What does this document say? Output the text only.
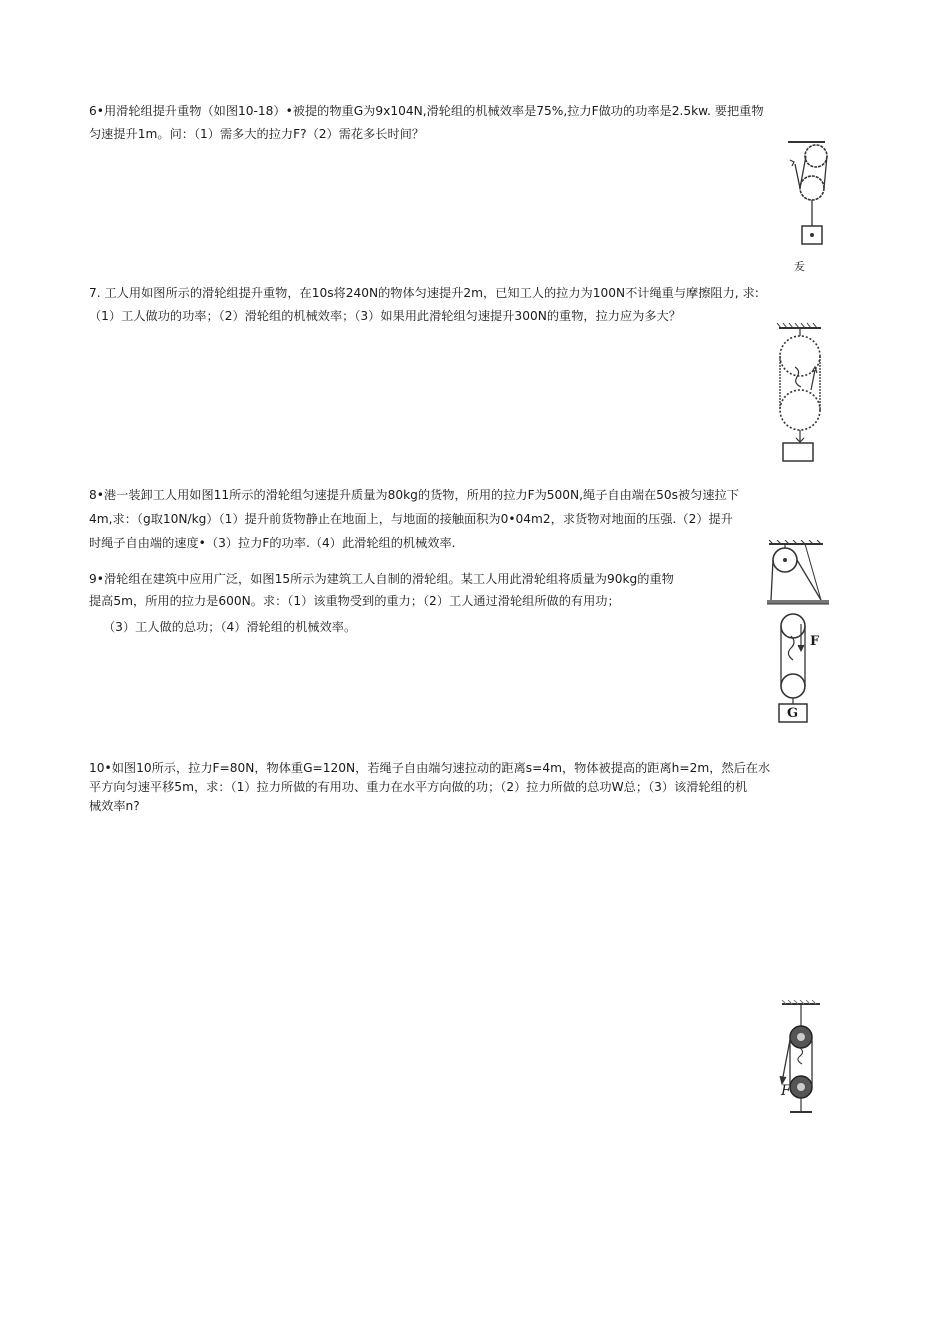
6•用滑轮组提升重物（如图10-18）•被提的物重G为9x104N,滑轮组的机械效率是75%,拉力F做功的功率是2.5kw. 要把重物
匀速提升1m。问：（1）需多大的拉力F?（2）需花多长时间？
叐
7. 工人用如图所示的滑轮组提升重物，在10s将240N的物体匀速提升2m，已知工人的拉力为100N不计绳重与摩擦阻力, 求:
（1）工人做功的功率；（2）滑轮组的机械效率；（3）如果用此滑轮组匀速提升300N的重物，拉力应为多大？
8•港一装卸工人用如图11所示的滑轮组匀速提升质量为80kg的货物，所用的拉力F为500N,绳子自由端在50s被匀速拉下
4m,求：（g取10N/kg）（1）提升前货物静止在地面上，与地面的接触面积为0•04m2，求货物对地面的压强.（2）提升
时绳子自由端的速度•（3）拉力F的功率.（4）此滑轮组的机械效率.
9•滑轮组在建筑中应用广泛，如图15所示为建筑工人自制的滑轮组。某工人用此滑轮组将质量为90kg的重物
提高5m，所用的拉力是600N。求：（1）该重物受到的重力；（2）工人通过滑轮组所做的有用功；
（3）工人做的总功；（4）滑轮组的机械效率。
F
G
10•如图10所示，拉力F=80N，物体重G=120N，若绳子自由端匀速拉动的距离s=4m，物体被提高的距离h=2m，然后在水
平方向匀速平移5m，求：（1）拉力所做的有用功、重力在水平方向做的功；（2）拉力所做的总功W总；（3）该滑轮组的机
械效率n?
F
